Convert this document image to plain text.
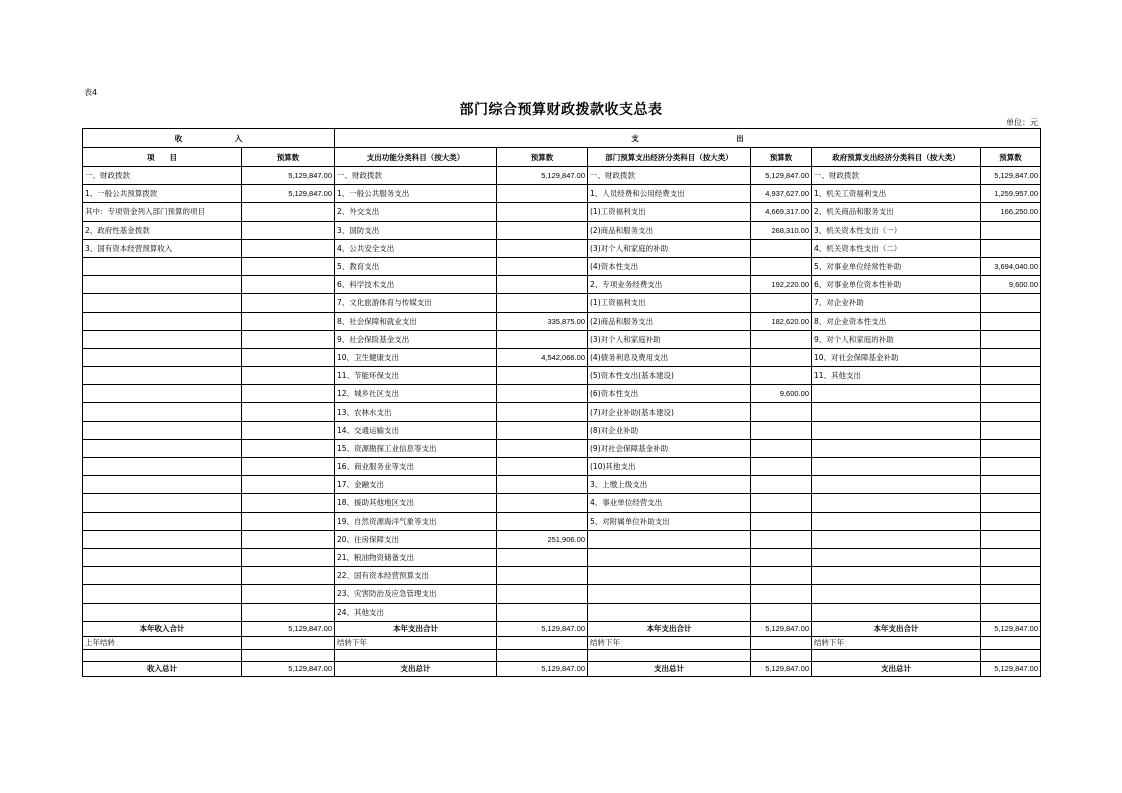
表4
部门综合预算财政拨款收支总表
单位：元
收　　　　　　　入		支　　　　　　　　　　　　　出					
项　　目	预算数	支出功能分类科目（按大类）	预算数	部门预算支出经济分类科目（按大类）	预算数	政府预算支出经济分类科目（按大类）	预算数
一、财政拨款	5,129,847.00	一、财政拨款	5,129,847.00	一、财政拨款	5,129,847.00	一、财政拨款	5,129,847.00
1、一般公共预算拨款	5,129,847.00	1、一般公共服务支出		1、人员经费和公用经费支出	4,937,627.00	1、机关工资福利支出	1,259,957.00
其中：专项资金列入部门预算的项目		2、外交支出		(1)工资福利支出	4,669,317.00	2、机关商品和服务支出	166,250.00
2、政府性基金拨款		3、国防支出		(2)商品和服务支出	268,310.00	3、机关资本性支出（一）	
3、国有资本经营预算收入		4、公共安全支出		(3)对个人和家庭的补助		4、机关资本性支出（二）	
		5、教育支出		(4)资本性支出		5、对事业单位经常性补助	3,694,040.00
		6、科学技术支出		2、专项业务经费支出	192,220.00	6、对事业单位资本性补助	9,600.00
		7、文化旅游体育与传媒支出		(1)工资福利支出		7、对企业补助	
		8、社会保障和就业支出	335,875.00	(2)商品和服务支出	182,620.00	8、对企业资本性支出	
		9、社会保险基金支出		(3)对个人和家庭补助		9、对个人和家庭的补助	
		10、卫生健康支出	4,542,066.00	(4)债务利息及费用支出		10、对社会保障基金补助	
		11、节能环保支出		(5)资本性支出(基本建设)		11、其他支出	
		12、城乡社区支出		(6)资本性支出	9,600.00		
		13、农林水支出		(7)对企业补助(基本建设)			
		14、交通运输支出		(8)对企业补助			
		15、资源勘探工业信息等支出		(9)对社会保障基金补助			
		16、商业服务业等支出		(10)其他支出			
		17、金融支出		3、上缴上级支出			
		18、援助其他地区支出		4、事业单位经营支出			
		19、自然资源海洋气象等支出		5、对附属单位补助支出			
		20、住房保障支出	251,906.00				
		21、粮油物资储备支出					
		22、国有资本经营预算支出					
		23、灾害防治及应急管理支出					
		24、其他支出					
本年收入合计	5,129,847.00	本年支出合计	5,129,847.00	本年支出合计	5,129,847.00	本年支出合计	5,129,847.00
上年结转		结转下年		结转下年		结转下年	

收入总计	5,129,847.00	支出总计	5,129,847.00	支出总计	5,129,847.00	支出总计	5,129,847.00
